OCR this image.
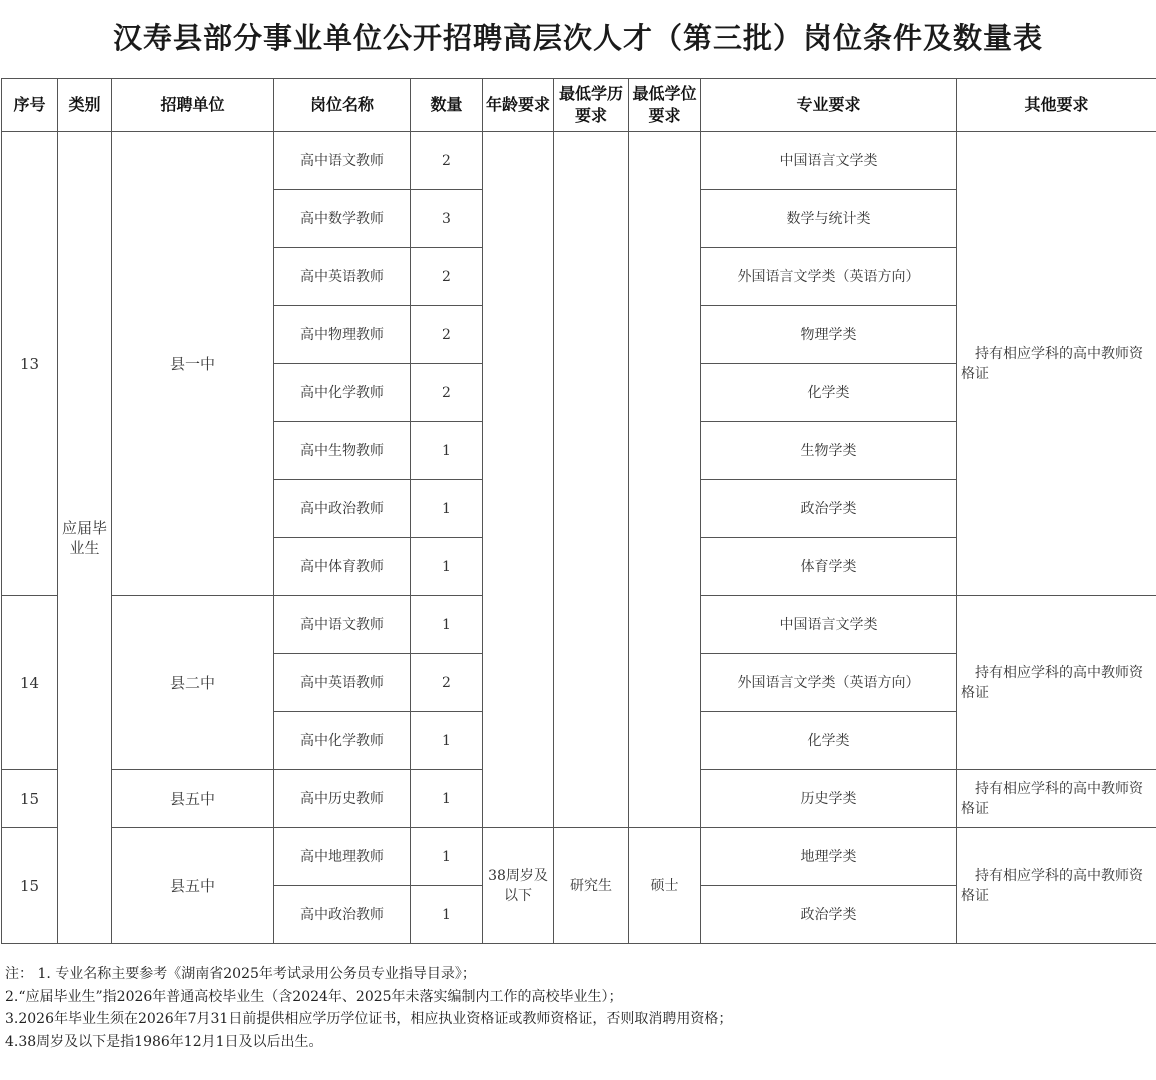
汉寿县部分事业单位公开招聘高层次人才（第三批）岗位条件及数量表
序号	类别	招聘单位	岗位名称	数量	年龄要求	最低学历要求	最低学位要求	专业要求	其他要求
13	应届毕业生	县一中	高中语文教师	2				中国语言文学类	持有相应学科的高中教师资格证
			高中数学教师	3				数学与统计类	
			高中英语教师	2				外国语言文学类（英语方向）	
			高中物理教师	2				物理学类	
			高中化学教师	2				化学类	
			高中生物教师	1				生物学类	
			高中政治教师	1				政治学类	
			高中体育教师	1				体育学类	
14		县二中	高中语文教师	1				中国语言文学类	持有相应学科的高中教师资格证
			高中英语教师	2				外国语言文学类（英语方向）	
			高中化学教师	1				化学类	
15		县五中	高中历史教师	1				历史学类	持有相应学科的高中教师资格证
15		县五中	高中地理教师	1	38周岁及以下	研究生	硕士	地理学类	持有相应学科的高中教师资格证
			高中政治教师	1				政治学类	
注： 1. 专业名称主要参考《湖南省2025年考试录用公务员专业指导目录》；
2.“应届毕业生”指2026年普通高校毕业生（含2024年、2025年未落实编制内工作的高校毕业生）；
3.2026年毕业生须在2026年7月31日前提供相应学历学位证书，相应执业资格证或教师资格证，否则取消聘用资格；
4.38周岁及以下是指1986年12月1日及以后出生。
